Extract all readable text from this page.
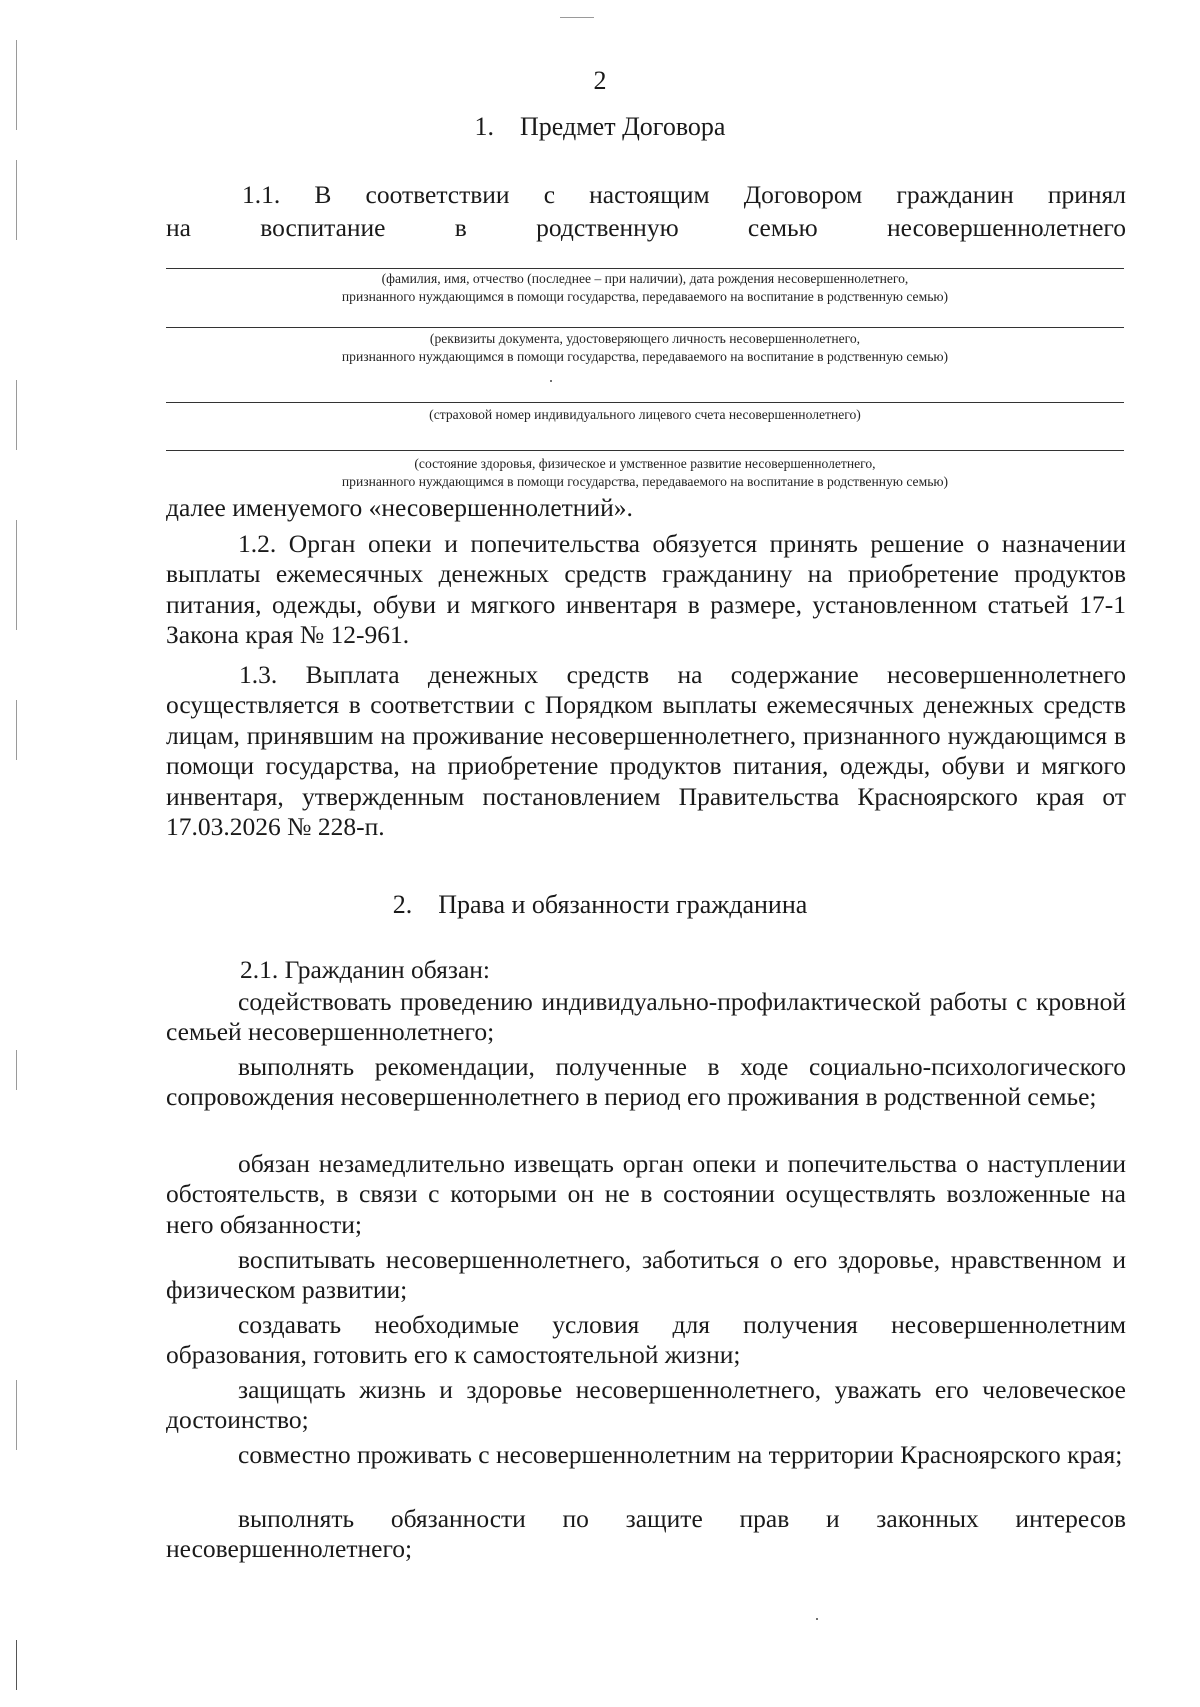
2
1. Предмет Договора
1.1. В соответствии с настоящим Договором гражданин принял
на воспитание в родственную семью несовершеннолетнего
(фамилия, имя, отчество (последнее – при наличии), дата рождения несовершеннолетнего,
признанного нуждающимся в помощи государства, передаваемого на воспитание в родственную семью)
(реквизиты документа, удостоверяющего личность несовершеннолетнего,
признанного нуждающимся в помощи государства, передаваемого на воспитание в родственную семью)
(страховой номер индивидуального лицевого счета несовершеннолетнего)
(состояние здоровья, физическое и умственное развитие несовершеннолетнего,
признанного нуждающимся в помощи государства, передаваемого на воспитание в родственную семью)
далее именуемого «несовершеннолетний».
1.2. Орган опеки и попечительства обязуется принять решение о назначении выплаты ежемесячных денежных средств гражданину на приобретение продуктов питания, одежды, обуви и мягкого инвентаря в размере, установленном статьей 17-1 Закона края № 12-961.
1.3. Выплата денежных средств на содержание несовершеннолетнего осуществляется в соответствии с Порядком выплаты ежемесячных денежных средств лицам, принявшим на проживание несовершеннолетнего, признанного нуждающимся в помощи государства, на приобретение продуктов питания, одежды, обуви и мягкого инвентаря, утвержденным постановлением Правительства Красноярского края от 17.03.2026 № 228-п.
2. Права и обязанности гражданина
2.1. Гражданин обязан:
содействовать проведению индивидуально-профилактической работы с кровной семьей несовершеннолетнего;
выполнять рекомендации, полученные в ходе социально-психологического сопровождения несовершеннолетнего в период его проживания в родственной семье;
обязан незамедлительно извещать орган опеки и попечительства о наступлении обстоятельств, в связи с которыми он не в состоянии осуществлять возложенные на него обязанности;
воспитывать несовершеннолетнего, заботиться о его здоровье, нравственном и физическом развитии;
создавать необходимые условия для получения несовершеннолетним образования, готовить его к самостоятельной жизни;
защищать жизнь и здоровье несовершеннолетнего, уважать его человеческое достоинство;
совместно проживать с несовершеннолетним на территории Красноярского края;
выполнять обязанности по защите прав и законных интересов несовершеннолетнего;
